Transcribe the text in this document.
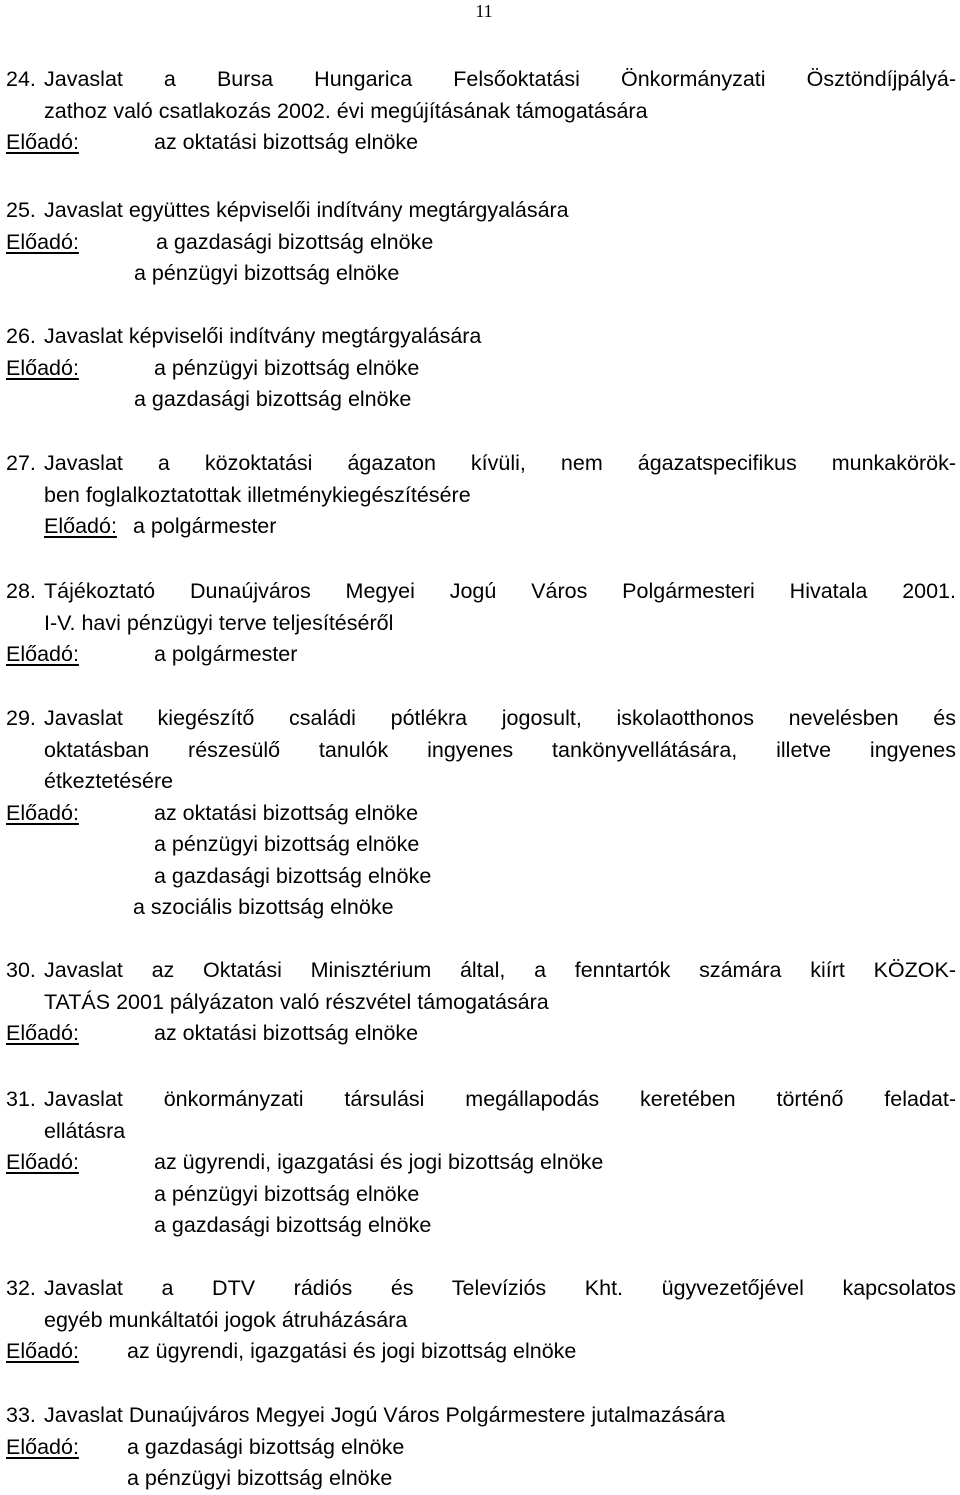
11
24. Javaslat a Bursa Hungarica Felsőoktatási Önkormányzati Ösztöndíjpályá-
zathoz való csatlakozás 2002. évi megújításának támogatására
Előadó:	az oktatási bizottság elnöke
25. Javaslat együttes képviselői indítvány megtárgyalására
Előadó:	a gazdasági bizottság elnöke
a pénzügyi bizottság elnöke
26. Javaslat képviselői indítvány megtárgyalására
Előadó:	a pénzügyi bizottság elnöke
a gazdasági bizottság elnöke
27. Javaslat a közoktatási ágazaton kívüli, nem ágazatspecifikus munkakörök-
ben foglalkoztatottak illetménykiegészítésére
Előadó: a polgármester
28. Tájékoztató Dunaújváros Megyei Jogú Város Polgármesteri Hivatala 2001.
I-V. havi pénzügyi terve teljesítéséről
Előadó:	a polgármester
29. Javaslat kiegészítő családi pótlékra jogosult, iskolaotthonos nevelésben és
oktatásban részesülő tanulók ingyenes tankönyvellátására, illetve ingyenes
étkeztetésére
Előadó:	az oktatási bizottság elnöke
a pénzügyi bizottság elnöke
a gazdasági bizottság elnöke
a szociális bizottság elnöke
30. Javaslat az Oktatási Minisztérium által, a fenntartók számára kiírt KÖZOK-
TATÁS 2001 pályázaton való részvétel támogatására
Előadó:	az oktatási bizottság elnöke
31. Javaslat önkormányzati társulási megállapodás keretében történő feladat-
ellátásra
Előadó:	az ügyrendi, igazgatási és jogi bizottság elnöke
a pénzügyi bizottság elnöke
a gazdasági bizottság elnöke
32. Javaslat a DTV rádiós és Televíziós Kht. ügyvezetőjével kapcsolatos
egyéb munkáltatói jogok átruházására
Előadó: az ügyrendi, igazgatási és jogi bizottság elnöke
33. Javaslat Dunaújváros Megyei Jogú Város Polgármestere jutalmazására
Előadó: a gazdasági bizottság elnöke
a pénzügyi bizottság elnöke
